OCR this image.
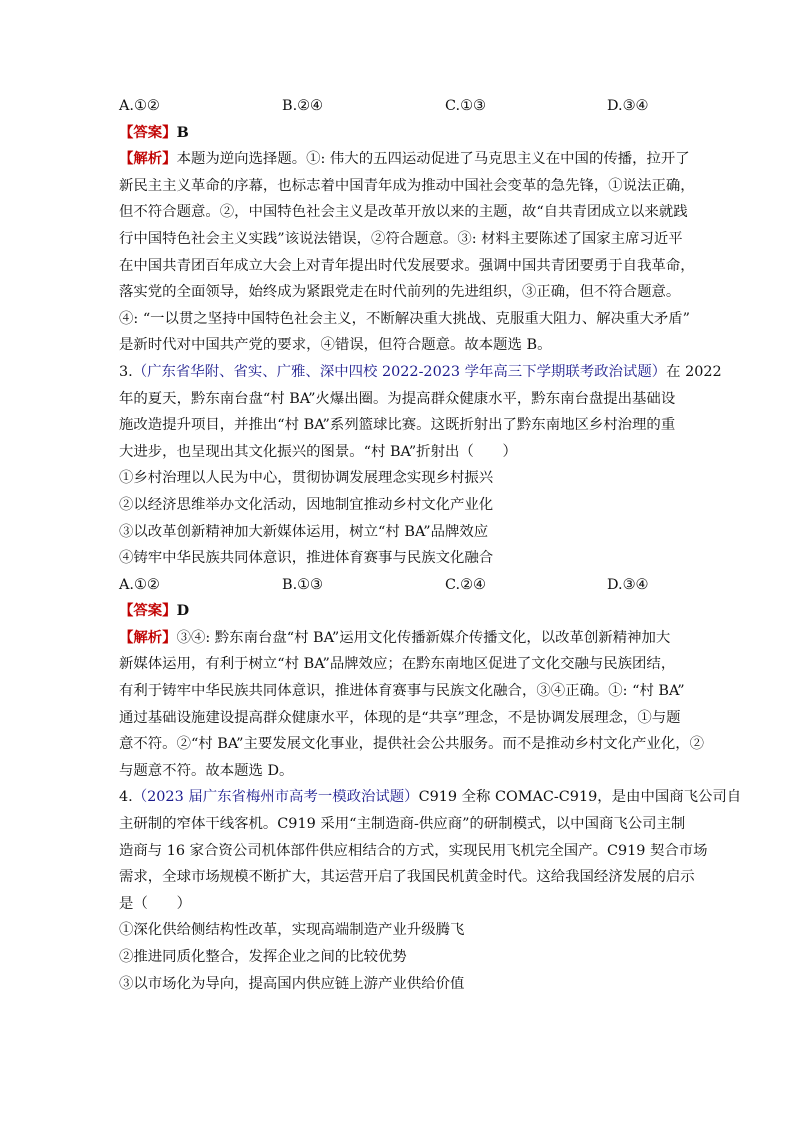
A.①②	B.②④	C.①③	D.③④
【答案】B
【解析】本题为逆向选择题。①: 伟大的五四运动促进了马克思主义在中国的传播，拉开了
新民主主义革命的序幕，也标志着中国青年成为推动中国社会变革的急先锋，①说法正确，
但不符合题意。②，中国特色社会主义是改革开放以来的主题，故“自共青团成立以来就践
行中国特色社会主义实践”该说法错误，②符合题意。③: 材料主要陈述了国家主席习近平
在中国共青团百年成立大会上对青年提出时代发展要求。强调中国共青团要勇于自我革命，
落实党的全面领导，始终成为紧跟党走在时代前列的先进组织，③正确，但不符合题意。
④: “一以贯之坚持中国特色社会主义，不断解决重大挑战、克服重大阻力、解决重大矛盾”
是新时代对中国共产党的要求，④错误，但符合题意。故本题选 B。
3.（广东省华附、省实、广雅、深中四校 2022-2023 学年高三下学期联考政治试题）在 2022
年的夏天，黔东南台盘“村 BA”火爆出圈。为提高群众健康水平，黔东南台盘提出基础设
施改造提升项目，并推出“村 BA”系列篮球比赛。这既折射出了黔东南地区乡村治理的重
大进步，也呈现出其文化振兴的图景。“村 BA”折射出（　　）
①乡村治理以人民为中心，贯彻协调发展理念实现乡村振兴
②以经济思维举办文化活动，因地制宜推动乡村文化产业化
③以改革创新精神加大新媒体运用，树立“村 BA”品牌效应
④铸牢中华民族共同体意识，推进体育赛事与民族文化融合
A.①②	B.①③	C.②④	D.③④
【答案】D
【解析】③④: 黔东南台盘“村 BA”运用文化传播新媒介传播文化，以改革创新精神加大
新媒体运用，有利于树立“村 BA”品牌效应；在黔东南地区促进了文化交融与民族团结，
有利于铸牢中华民族共同体意识，推进体育赛事与民族文化融合，③④正确。①: “村 BA”
通过基础设施建设提高群众健康水平，体现的是“共享”理念，不是协调发展理念，①与题
意不符。②“村 BA”主要发展文化事业，提供社会公共服务。而不是推动乡村文化产业化，②
与题意不符。故本题选 D。
4.（2023 届广东省梅州市高考一模政治试题）C919 全称 COMAC-C919，是由中国商飞公司自
主研制的窄体干线客机。C919 采用“主制造商-供应商”的研制模式，以中国商飞公司主制
造商与 16 家合资公司机体部件供应相结合的方式，实现民用飞机完全国产。C919 契合市场
需求，全球市场规模不断扩大，其运营开启了我国民机黄金时代。这给我国经济发展的启示
是（　　）
①深化供给侧结构性改革，实现高端制造产业升级腾飞
②推进同质化整合，发挥企业之间的比较优势
③以市场化为导向，提高国内供应链上游产业供给价值
